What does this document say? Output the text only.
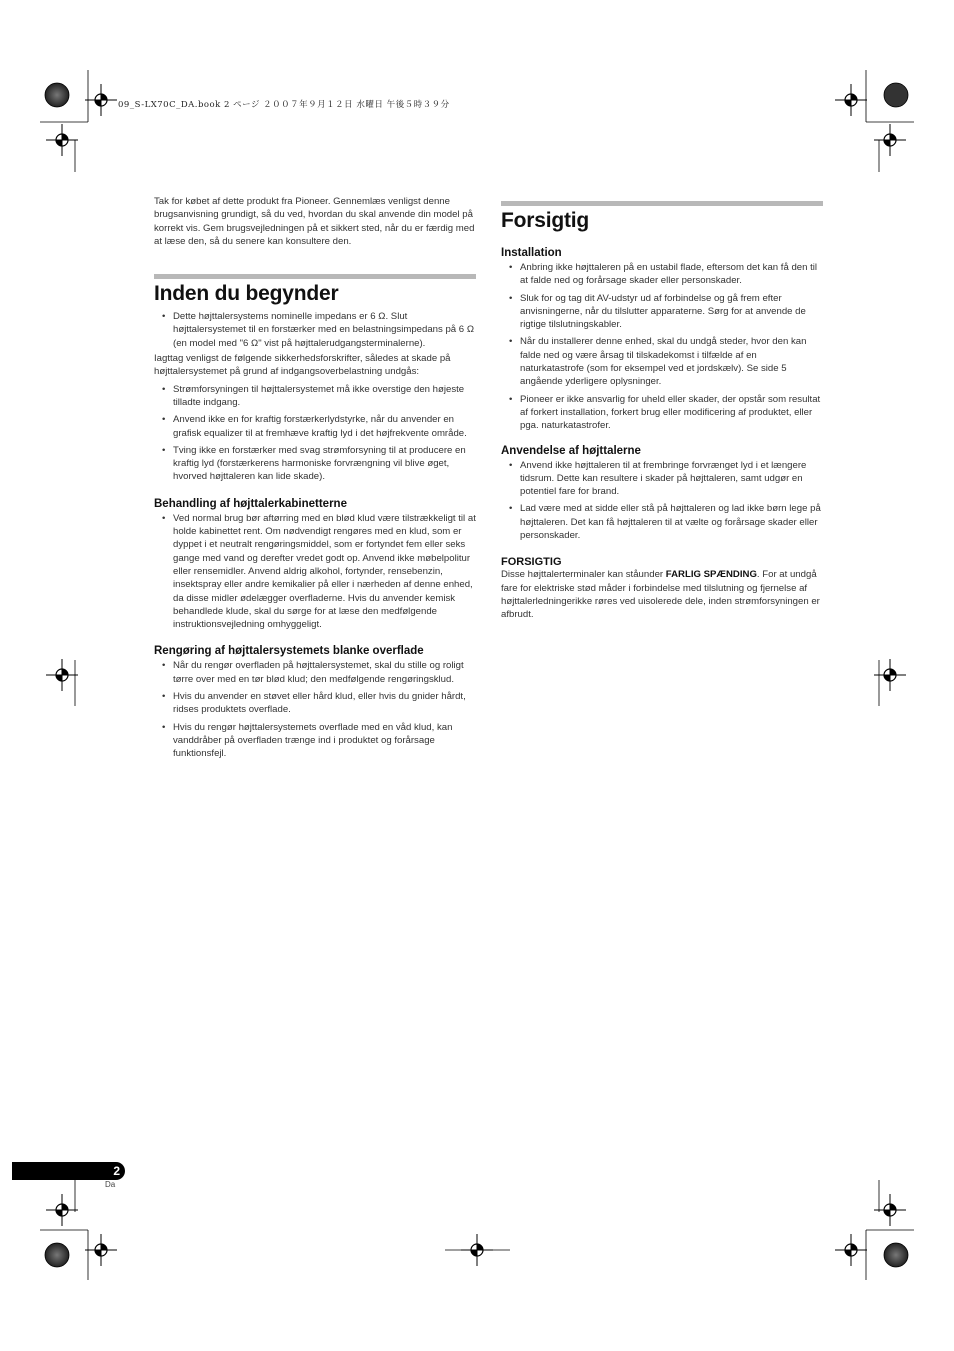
09_S-LX70C_DA.book 2 ページ ２００７年９月１２日 水曜日 午後５時３９分

Tak for købet af dette produkt fra Pioneer. Gennemlæs venligst denne brugsanvisning grundigt, så du ved, hvordan du skal anvende din model på korrekt vis. Gem brugsvejledningen på et sikkert sted, når du er færdig med at læse den, så du senere kan konsultere den.

Inden du begynder
• Dette højttalersystems nominelle impedans er 6 Ω. Slut højttalersystemet til en forstærker med en belastningsimpedans på 6 Ω (en model med "6 Ω" vist på højttalerudgangsterminalerne).

Iagttag venligst de følgende sikkerhedsforskrifter, således at skade på højttalersystemet på grund af indgangsoverbelastning undgås:

• Strømforsyningen til højttalersystemet må ikke overstige den højeste tilladte indgang.
• Anvend ikke en for kraftig forstærkerlydstyrke, når du anvender en grafisk equalizer til at fremhæve kraftig lyd i det højfrekvente område.
• Tving ikke en forstærker med svag strømforsyning til at producere en kraftig lyd (forstærkerens harmoniske forvrængning vil blive øget, hvorved højttaleren kan lide skade).
Behandling af højttalerkabinetterne
• Ved normal brug bør aftørring med en blød klud være tilstrækkeligt til at holde kabinettet rent. Om nødvendigt rengøres med en klud, som er dyppet i et neutralt rengøringsmiddel, som er fortyndet fem eller seks gange med vand og derefter vredet godt op. Anvend ikke møbelpolitur eller rensemidler. Anvend aldrig alkohol, fortynder, rensebenzin, insektspray eller andre kemikalier på eller i nærheden af denne enhed, da disse midler ødelægger overfladerne. Hvis du anvender kemisk behandlede klude, skal du sørge for at læse den medfølgende instruktionsvejledning omhyggeligt.
Rengøring af højttalersystemets blanke overflade
• Når du rengør overfladen på højttalersystemet, skal du stille og roligt tørre over med en tør blød klud; den medfølgende rengøringsklud.
• Hvis du anvender en støvet eller hård klud, eller hvis du gnider hårdt, ridses produktets overflade.
• Hvis du rengør højttalersystemets overflade med en våd klud, kan vanddråber på overfladen trænge ind i produktet og forårsage funktionsfejl.
Forsigtig
Installation
• Anbring ikke højttaleren på en ustabil flade, eftersom det kan få den til at falde ned og forårsage skader eller personskader.
• Sluk for og tag dit AV-udstyr ud af forbindelse og gå frem efter anvisningerne, når du tilslutter apparaterne. Sørg for at anvende de rigtige tilslutningskabler.
• Når du installerer denne enhed, skal du undgå steder, hvor den kan falde ned og være årsag til tilskadekomst i tilfælde af en naturkatastrofe (som for eksempel ved et jordskælv). Se side 5 angående yderligere oplysninger.
• Pioneer er ikke ansvarlig for uheld eller skader, der opstår som resultat af forkert installation, forkert brug eller modificering af produktet, eller pga. naturkatastrofer.
Anvendelse af højttalerne
• Anvend ikke højttaleren til at frembringe forvrænget lyd i et længere tidsrum. Dette kan resultere i skader på højttaleren, samt udgør en potentiel fare for brand.
• Lad være med at sidde eller stå på højttaleren og lad ikke børn lege på højttaleren. Det kan få højttaleren til at vælte og forårsage skader eller personskader.
FORSIGTIG

Disse højttalerterminaler kan ståunder FARLIG SPÆNDING. For at undgå fare for elektriske stød måder i forbindelse med tilslutning og fjernelse af højttalerledningerikke røres ved uisolerede dele, inden strømforsyningen er afbrudt.

2
Da
